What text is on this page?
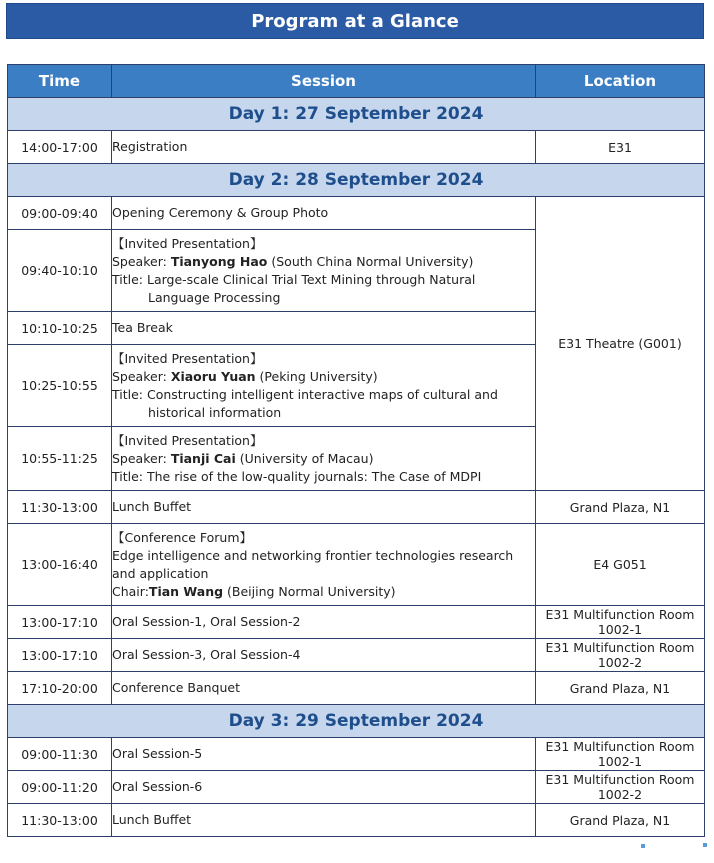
Program at a Glance
Time	Session	Location
Day 1: 27 September 2024		
14:00-17:00	Registration	E31
Day 2: 28 September 2024		
09:00-09:40	Opening Ceremony & Group Photo	E31 Theatre (G001)
09:40-10:10	【Invited Presentation】
Speaker: Tianyong Hao (South China Normal University)
Title: Large-scale Clinical Trial Text Mining through Natural Language Processing	

10:10-10:25	Tea Break	
10:25-10:55	【Invited Presentation】
Speaker: Xiaoru Yuan (Peking University)
Title: Constructing intelligent interactive maps of cultural and historical information	

10:55-11:25	【Invited Presentation】
Speaker: Tianji Cai (University of Macau)
Title: The rise of the low-quality journals: The Case of MDPI	

11:30-13:00	Lunch Buffet	Grand Plaza, N1
13:00-16:40	【Conference Forum】
Edge intelligence and networking frontier technologies research and application
Chair:Tian Wang (Beijing Normal University)	E4 G051
13:00-17:10	Oral Session-1, Oral Session-2	E31 Multifunction Room
1002-1

13:00-17:10	Oral Session-3, Oral Session-4	E31 Multifunction Room
1002-2

17:10-20:00	Conference Banquet	Grand Plaza, N1
Day 3: 29 September 2024		
09:00-11:30	Oral Session-5	E31 Multifunction Room
1002-1

09:00-11:20	Oral Session-6	E31 Multifunction Room
1002-2

11:30-13:00	Lunch Buffet	Grand Plaza, N1
